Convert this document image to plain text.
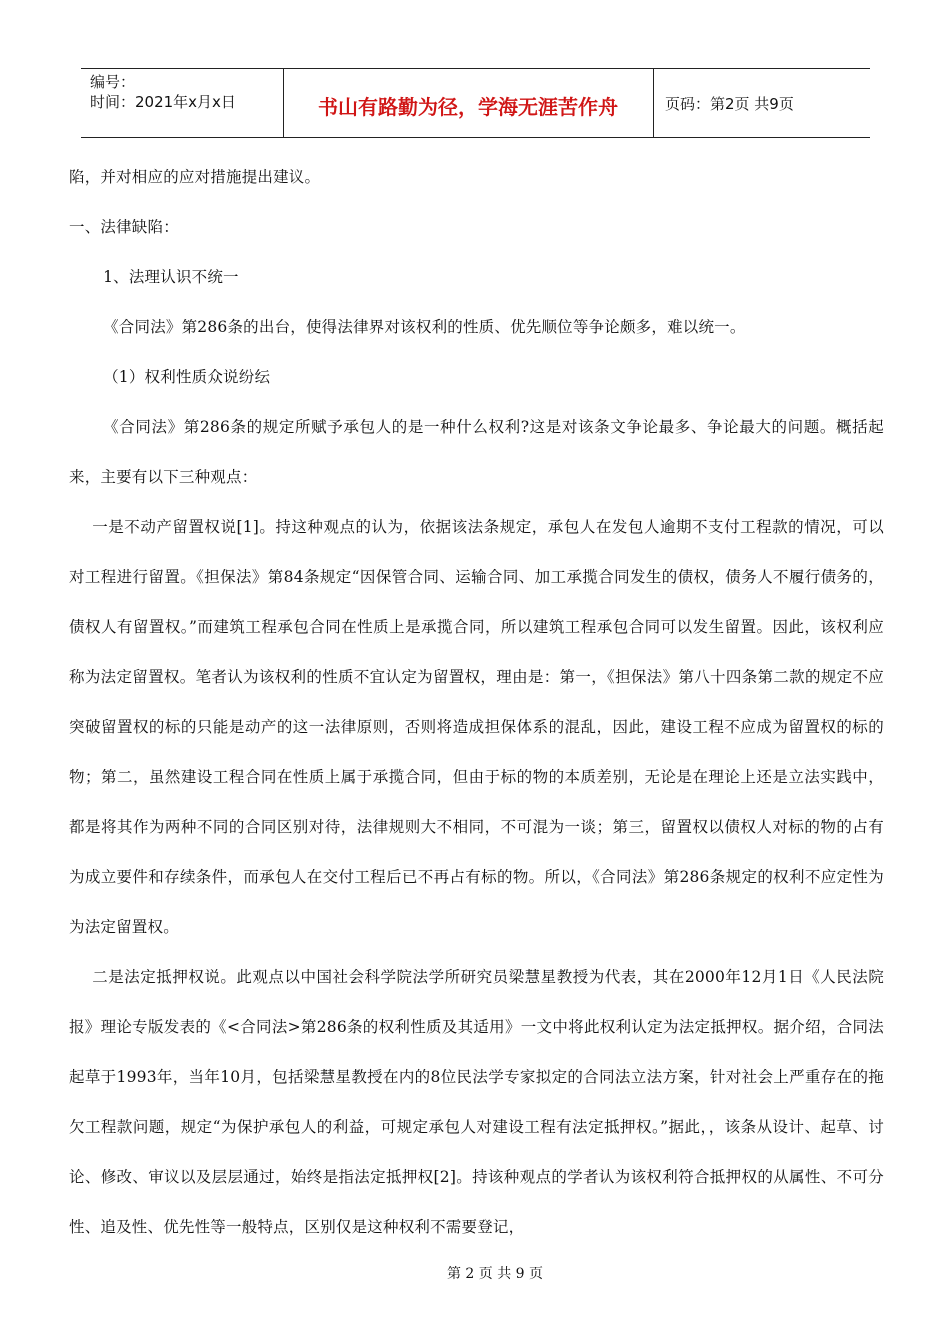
编号：
时间：2021年x月x日	书山有路勤为径，学海无涯苦作舟	页码：第2页 共9页

陷，并对相应的应对措施提出建议。

一、法律缺陷：

1、法理认识不统一

《合同法》第286条的出台，使得法律界对该权利的性质、优先顺位等争论颇多，难以统一。

（1）权利性质众说纷纭

《合同法》第286条的规定所赋予承包人的是一种什么权利?这是对该条文争论最多、争论最大的问题。概括起来，主要有以下三种观点：

一是不动产留置权说[1]。持这种观点的认为，依据该法条规定，承包人在发包人逾期不支付工程款的情况，可以对工程进行留置。《担保法》第84条规定“因保管合同、运输合同、加工承揽合同发生的债权，债务人不履行债务的，债权人有留置权。”而建筑工程承包合同在性质上是承揽合同，所以建筑工程承包合同可以发生留置。因此，该权利应称为法定留置权。笔者认为该权利的性质不宜认定为留置权，理由是：第一，《担保法》第八十四条第二款的规定不应突破留置权的标的只能是动产的这一法律原则，否则将造成担保体系的混乱，因此，建设工程不应成为留置权的标的物；第二，虽然建设工程合同在性质上属于承揽合同，但由于标的物的本质差别，无论是在理论上还是立法实践中，都是将其作为两种不同的合同区别对待，法律规则大不相同，不可混为一谈；第三，留置权以债权人对标的物的占有为成立要件和存续条件，而承包人在交付工程后已不再占有标的物。所以，《合同法》第286条规定的权利不应定性为为法定留置权。

二是法定抵押权说。此观点以中国社会科学院法学所研究员梁慧星教授为代表，其在2000年12月1日《人民法院报》理论专版发表的《<合同法>第286条的权利性质及其适用》一文中将此权利认定为法定抵押权。据介绍，合同法起草于1993年，当年10月，包括梁慧星教授在内的8位民法学专家拟定的合同法立法方案，针对社会上严重存在的拖欠工程款问题，规定“为保护承包人的利益，可规定承包人对建设工程有法定抵押权。”据此，，该条从设计、起草、讨论、修改、审议以及层层通过，始终是指法定抵押权[2]。持该种观点的学者认为该权利符合抵押权的从属性、不可分性、追及性、优先性等一般特点，区别仅是这种权利不需要登记，

第 2 页 共 9 页
